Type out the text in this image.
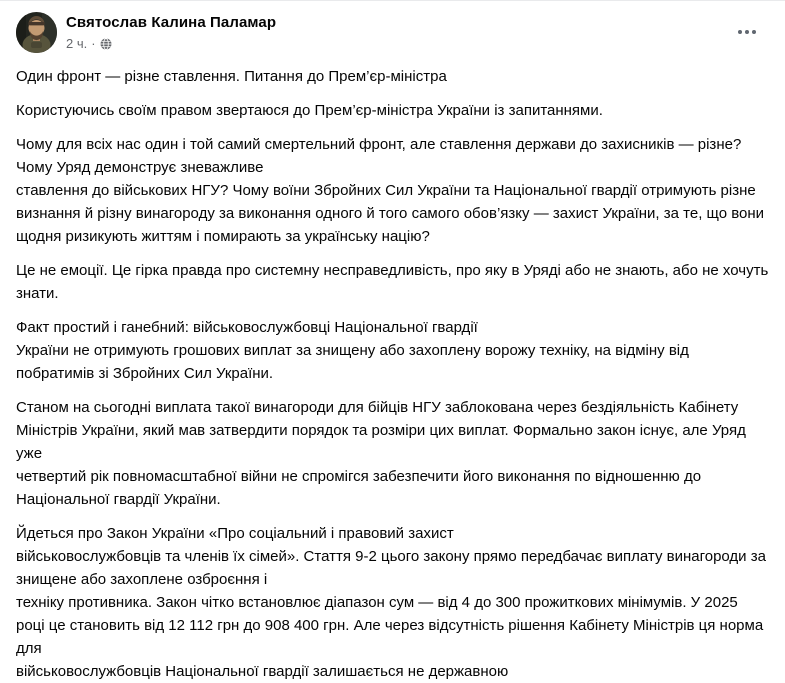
Святослав Калина Паламар
2 ч. ·
Один фронт — різне ставлення. Питання до Прем’єр-міністра
Користуючись своїм правом звертаюся до Прем’єр-міністра України із запитаннями.
Чому для всіх нас один і той самий смертельний фронт, але ставлення держави до захисників — різне? Чому Уряд демонструє зневажливе
ставлення до військових НГУ? Чому воїни Збройних Сил України та Національної гвардії отримують різне визнання й різну винагороду за виконання одного й того самого обов’язку — захист України, за те, що вони щодня ризикують життям і помирають за українську націю?
Це не емоції. Це гірка правда про системну несправедливість, про яку в Уряді або не знають, або не хочуть знати.
Факт простий і ганебний: військовослужбовці Національної гвардії
України не отримують грошових виплат за знищену або захоплену ворожу техніку, на відміну від побратимів зі Збройних Сил України.
Станом на сьогодні виплата такої винагороди для бійців НГУ заблокована через бездіяльність Кабінету Міністрів України, який мав затвердити порядок та розміри цих виплат. Формально закон існує, але Уряд уже
четвертий рік повномасштабної війни не спромігся забезпечити його виконання по відношенню до Національної гвардії України.
Йдеться про Закон України «Про соціальний і правовий захист
військовослужбовців та членів їх сімей». Стаття 9-2 цього закону прямо передбачає виплату винагороди за знищене або захоплене озброєння і
техніку противника. Закон чітко встановлює діапазон сум — від 4 до 300 прожиткових мінімумів. У 2025 році це становить від 12 112 грн до 908 400 грн. Але через відсутність рішення Кабінету Міністрів ця норма для
військовослужбовців Національної гвардії залишається не державною
